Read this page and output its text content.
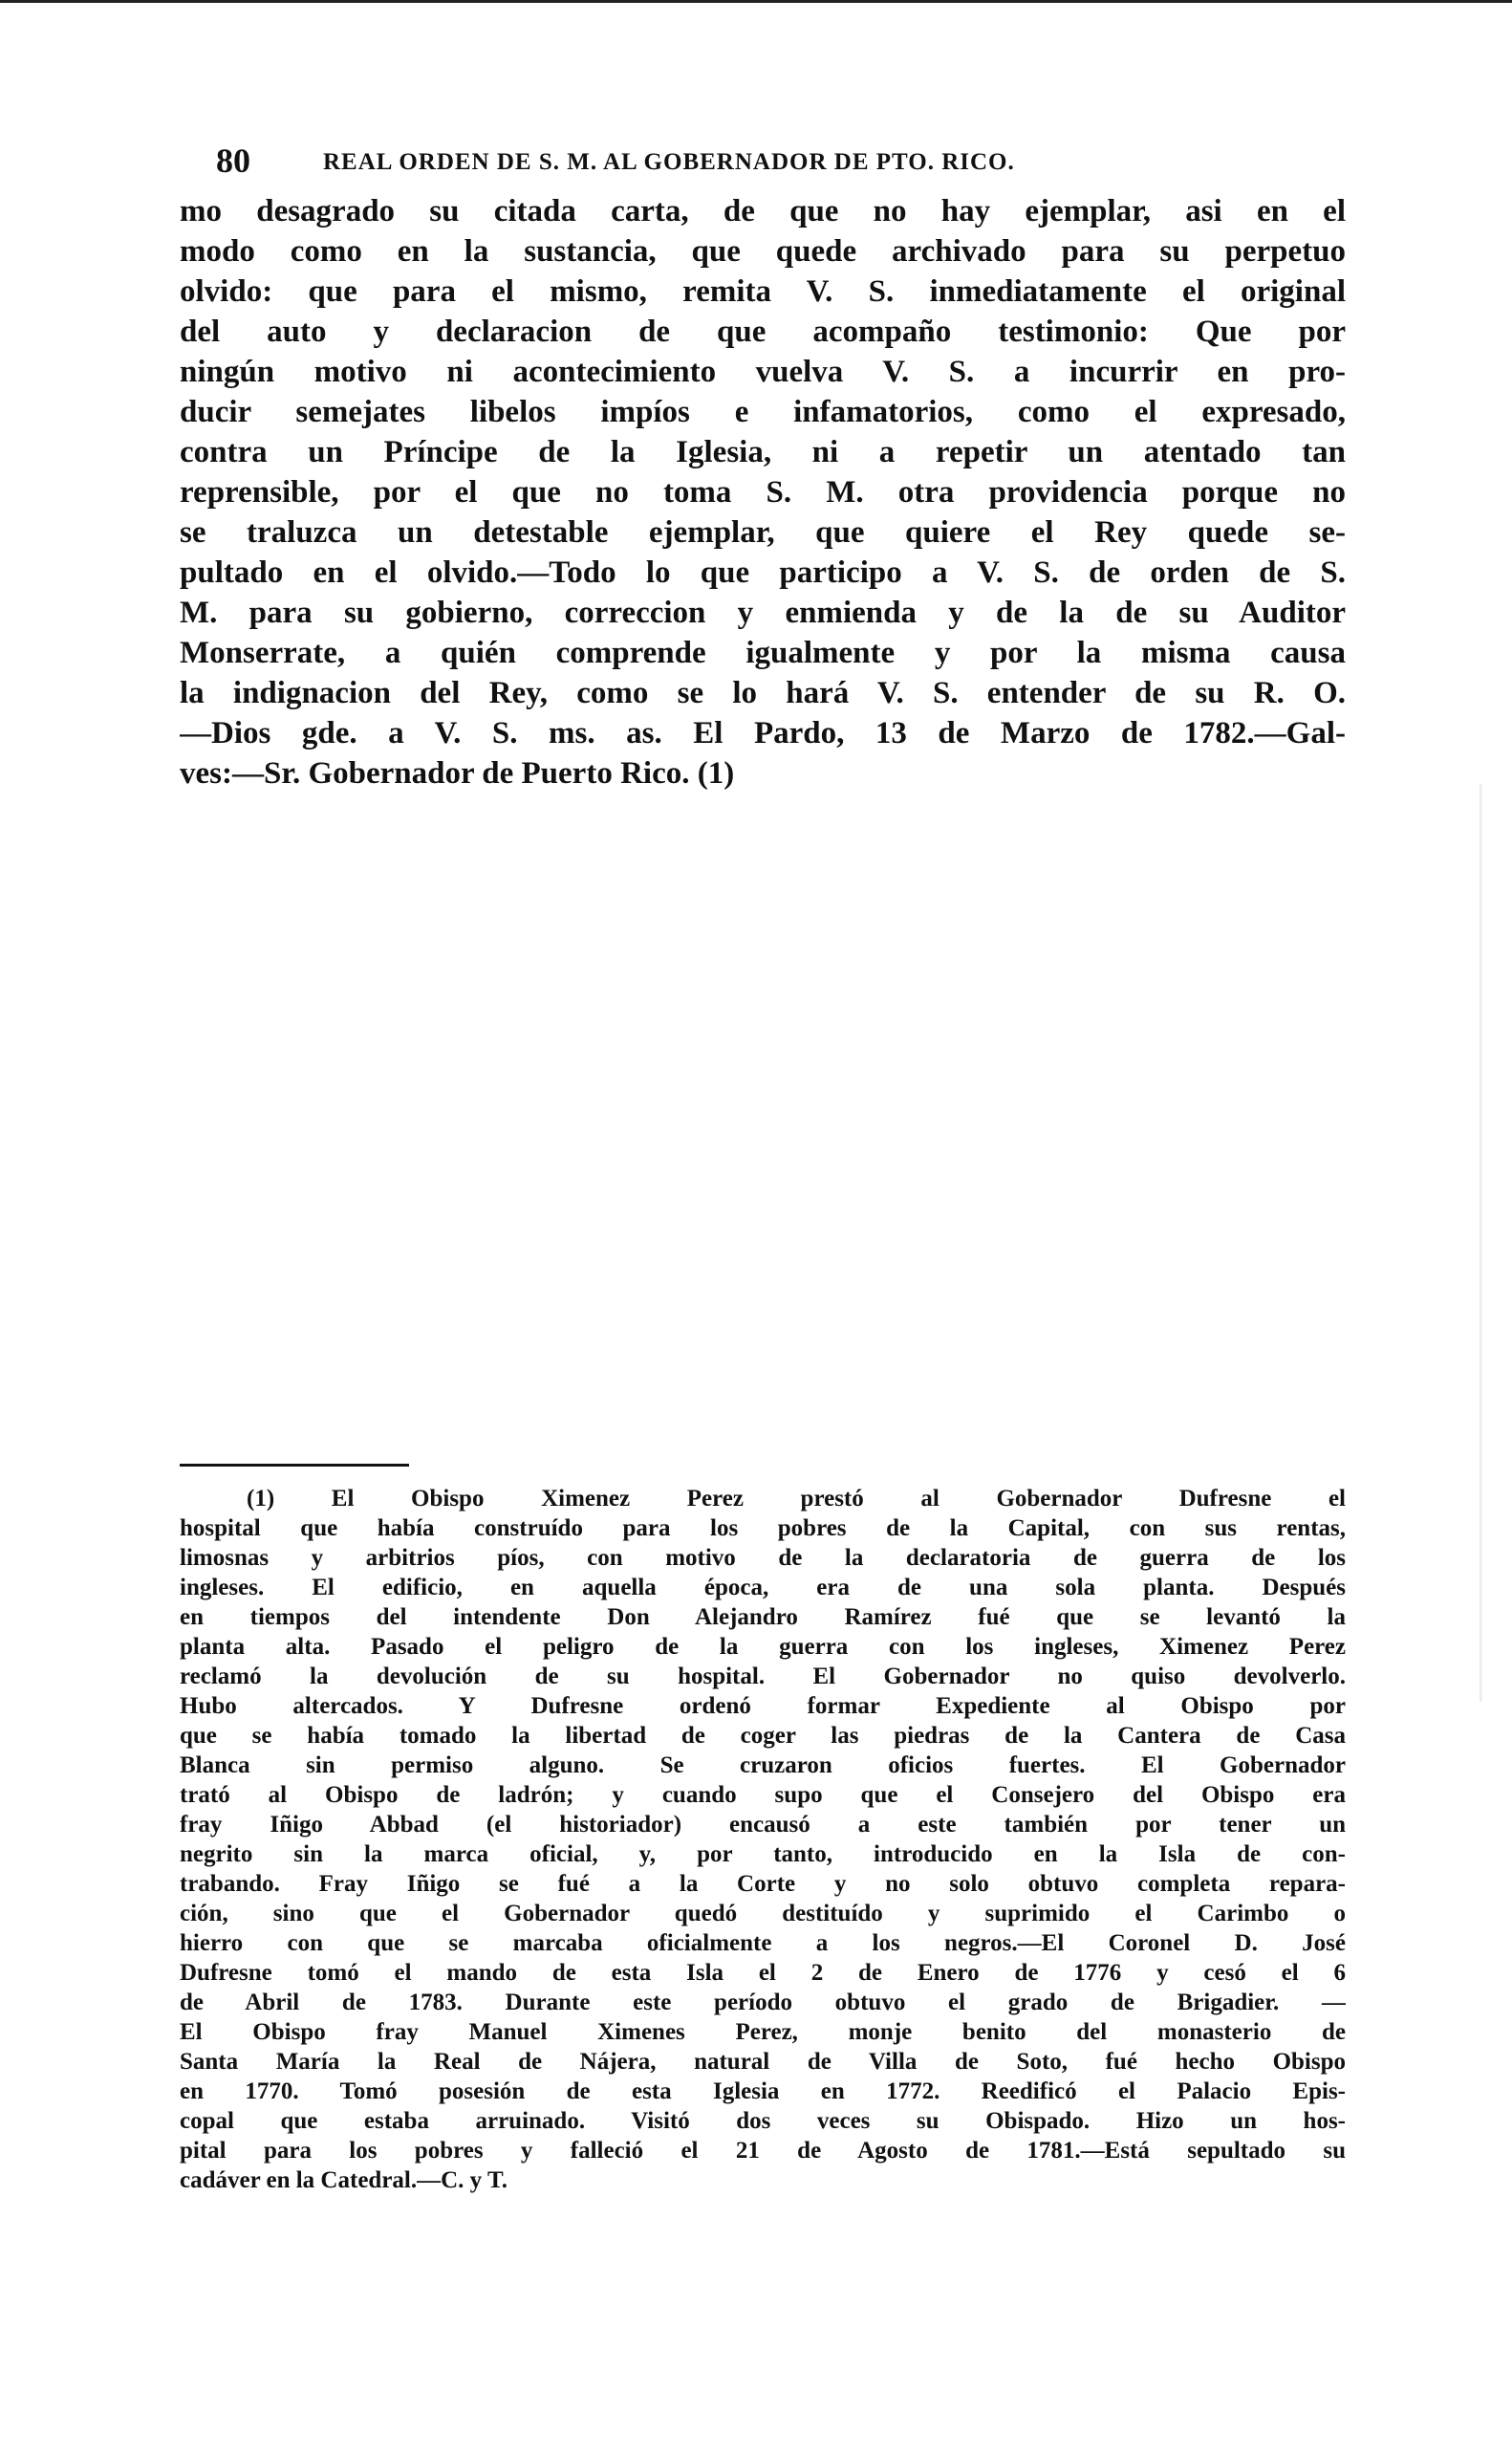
80	REAL ORDEN DE S. M. AL GOBERNADOR DE PTO. RICO.
mo desagrado su citada carta, de que no hay ejemplar, asi en el
modo como en la sustancia, que quede archivado para su perpetuo
olvido: que para el mismo, remita V. S. inmediatamente el original
del auto y declaracion de que acompaño testimonio: Que por
ningún motivo ni acontecimiento vuelva V. S. a incurrir en pro-
ducir semejates libelos impíos e infamatorios, como el expresado,
contra un Príncipe de la Iglesia, ni a repetir un atentado tan
reprensible, por el que no toma S. M. otra providencia porque no
se traluzca un detestable ejemplar, que quiere el Rey quede se-
pultado en el olvido.—Todo lo que participo a V. S. de orden de S.
M. para su gobierno, correccion y enmienda y de la de su Auditor
Monserrate, a quién comprende igualmente y por la misma causa
la indignacion del Rey, como se lo hará V. S. entender de su R. O.
—Dios gde. a V. S. ms. as. El Pardo, 13 de Marzo de 1782.—Gal-
ves:—Sr. Gobernador de Puerto Rico. (1)
(1) El Obispo Ximenez Perez prestó al Gobernador Dufresne el
hospital que había construído para los pobres de la Capital, con sus rentas,
limosnas y arbitrios píos, con motivo de la declaratoria de guerra de los
ingleses. El edificio, en aquella época, era de una sola planta. Después
en tiempos del intendente Don Alejandro Ramírez fué que se levantó la
planta alta. Pasado el peligro de la guerra con los ingleses, Ximenez Perez
reclamó la devolución de su hospital. El Gobernador no quiso devolverlo.
Hubo altercados. Y Dufresne ordenó formar Expediente al Obispo por
que se había tomado la libertad de coger las piedras de la Cantera de Casa
Blanca sin permiso alguno. Se cruzaron oficios fuertes. El Gobernador
trató al Obispo de ladrón; y cuando supo que el Consejero del Obispo era
fray Iñigo Abbad (el historiador) encausó a este también por tener un
negrito sin la marca oficial, y, por tanto, introducido en la Isla de con-
trabando. Fray Iñigo se fué a la Corte y no solo obtuvo completa repara-
ción, sino que el Gobernador quedó destituído y suprimido el Carimbo o
hierro con que se marcaba oficialmente a los negros.—El Coronel D. José
Dufresne tomó el mando de esta Isla el 2 de Enero de 1776 y cesó el 6
de Abril de 1783. Durante este período obtuvo el grado de Brigadier. —
El Obispo fray Manuel Ximenes Perez, monje benito del monasterio de
Santa María la Real de Nájera, natural de Villa de Soto, fué hecho Obispo
en 1770. Tomó posesión de esta Iglesia en 1772. Reedificó el Palacio Epis-
copal que estaba arruinado. Visitó dos veces su Obispado. Hizo un hos-
pital para los pobres y falleció el 21 de Agosto de 1781.—Está sepultado su
cadáver en la Catedral.—C. y T.
